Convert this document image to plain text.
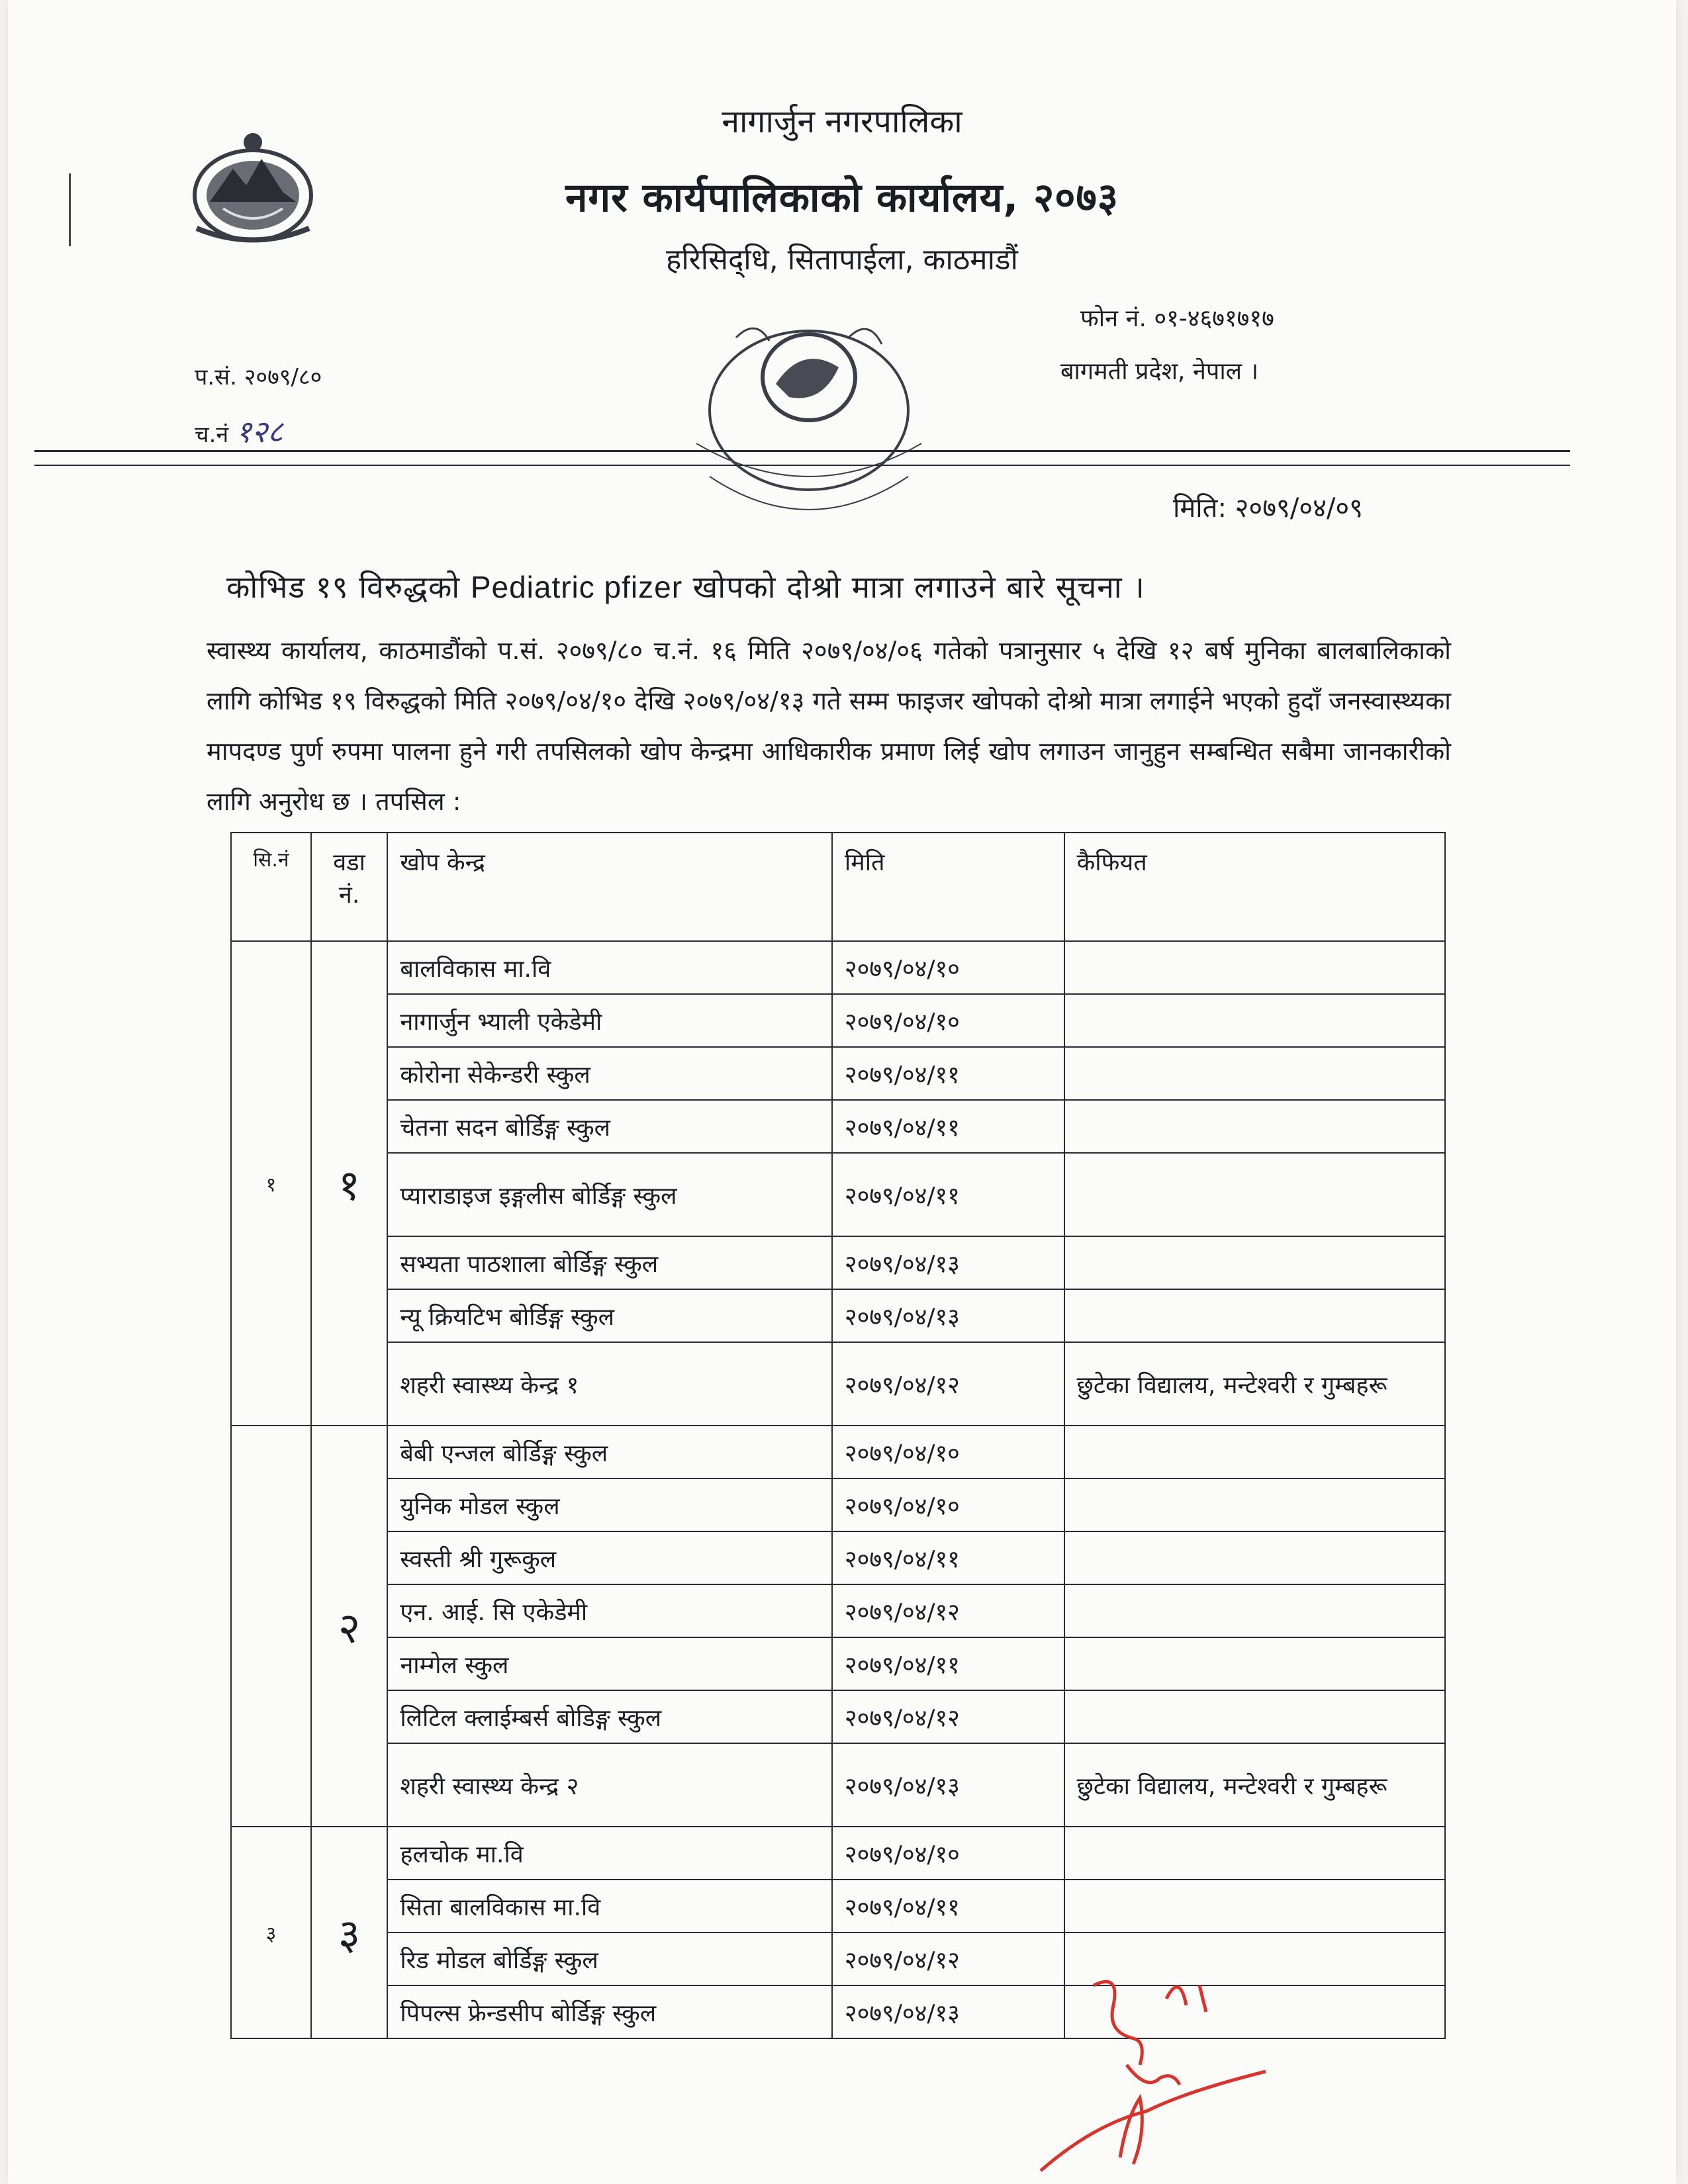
नागार्जुन नगरपालिका
नगर कार्यपालिकाको कार्यालय, २०७३
हरिसिद्‌धि, सितापाईला, काठमाडौं
फोन नं. ०१-४६७१७१७
बागमती प्रदेश, नेपाल ।
प.सं. २०७९/८०
च.नं १२८
मिति: २०७९/०४/०९
कोभिड १९ विरुद्धको Pediatric pfizer खोपको दोश्रो मात्रा लगाउने बारे सूचना ।
स्वास्थ्य कार्यालय, काठमाडौंको प.सं. २०७९/८० च.नं. १६ मिति २०७९/०४/०६ गतेको पत्रानुसार ५ देखि १२ बर्ष मुनिका बालबालिकाको लागि कोभिड १९ विरुद्धको मिति २०७९/०४/१० देखि २०७९/०४/१३ गते सम्म फाइजर खोपको दोश्रो मात्रा लगाईने भएको हुदाँ जनस्वास्थ्यका मापदण्ड पुर्ण रुपमा पालना हुने गरी तपसिलको खोप केन्द्रमा आधिकारीक प्रमाण लिई खोप लगाउन जानुहुन सम्बन्धित सबैमा जानकारीको लागि अनुरोध छ । तपसिल :
सि.नं	वडा नं.	खोप केन्द्र	मिति	कैफियत
१	१	बालविकास मा.वि	२०७९/०४/१०	
		नागार्जुन भ्याली एकेडेमी	२०७९/०४/१०	
		कोरोना सेकेन्डरी स्कुल	२०७९/०४/११	
		चेतना सदन बोर्डिङ्ग स्कुल	२०७९/०४/११	
		प्याराडाइज इङ्गलीस बोर्डिङ्ग स्कुल	२०७९/०४/११	
		सभ्यता पाठशाला बोर्डिङ्ग स्कुल	२०७९/०४/१३	
		न्यू क्रियटिभ बोर्डिङ्ग स्कुल	२०७९/०४/१३	
		शहरी स्वास्थ्य केन्द्र १	२०७९/०४/१२	छुटेका विद्यालय, मन्टेश्वरी र गुम्बहरू
	२	बेबी एन्जल बोर्डिङ्ग स्कुल	२०७९/०४/१०	
		युनिक मोडल स्कुल	२०७९/०४/१०	
		स्वस्ती श्री गुरूकुल	२०७९/०४/११	
		एन. आई. सि एकेडेमी	२०७९/०४/१२	
		नाम्गेल स्कुल	२०७९/०४/११	
		लिटिल क्लाईम्बर्स बोडिङ्ग स्कुल	२०७९/०४/१२	
		शहरी स्वास्थ्य केन्द्र २	२०७९/०४/१३	छुटेका विद्यालय, मन्टेश्वरी र गुम्बहरू
३	३	हलचोक मा.वि	२०७९/०४/१०	
		सिता बालविकास मा.वि	२०७९/०४/११	
		रिड मोडल बोर्डिङ्ग स्कुल	२०७९/०४/१२	
		पिपल्स फ्रेन्डसीप बोर्डिङ्ग स्कुल	२०७९/०४/१३	
